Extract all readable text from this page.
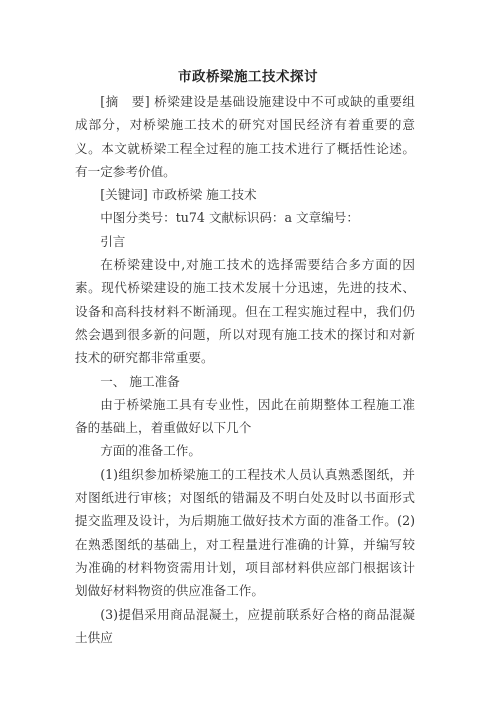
市政桥梁施工技术探讨

[摘　要] 桥梁建设是基础设施建设中不可或缺的重要组成部分，对桥梁施工技术的研究对国民经济有着重要的意义。本文就桥梁工程全过程的施工技术进行了概括性论述。有一定参考价值。

[关键词] 市政桥梁 施工技术

中图分类号：tu74 文献标识码：a 文章编号：

引言

在桥梁建设中,对施工技术的选择需要结合多方面的因素。现代桥梁建设的施工技术发展十分迅速，先进的技术、设备和高科技材料不断涌现。但在工程实施过程中，我们仍然会遇到很多新的问题，所以对现有施工技术的探讨和对新技术的研究都非常重要。

一、 施工准备

由于桥梁施工具有专业性，因此在前期整体工程施工准备的基础上，着重做好以下几个

方面的准备工作。

(1)组织参加桥梁施工的工程技术人员认真熟悉图纸，并对图纸进行审核；对图纸的错漏及不明白处及时以书面形式提交监理及设计，为后期施工做好技术方面的准备工作。(2)在熟悉图纸的基础上，对工程量进行准确的计算，并编写较为准确的材料物资需用计划，项目部材料供应部门根据该计划做好材料物资的供应准备工作。

(3)提倡采用商品混凝土，应提前联系好合格的商品混凝土供应
